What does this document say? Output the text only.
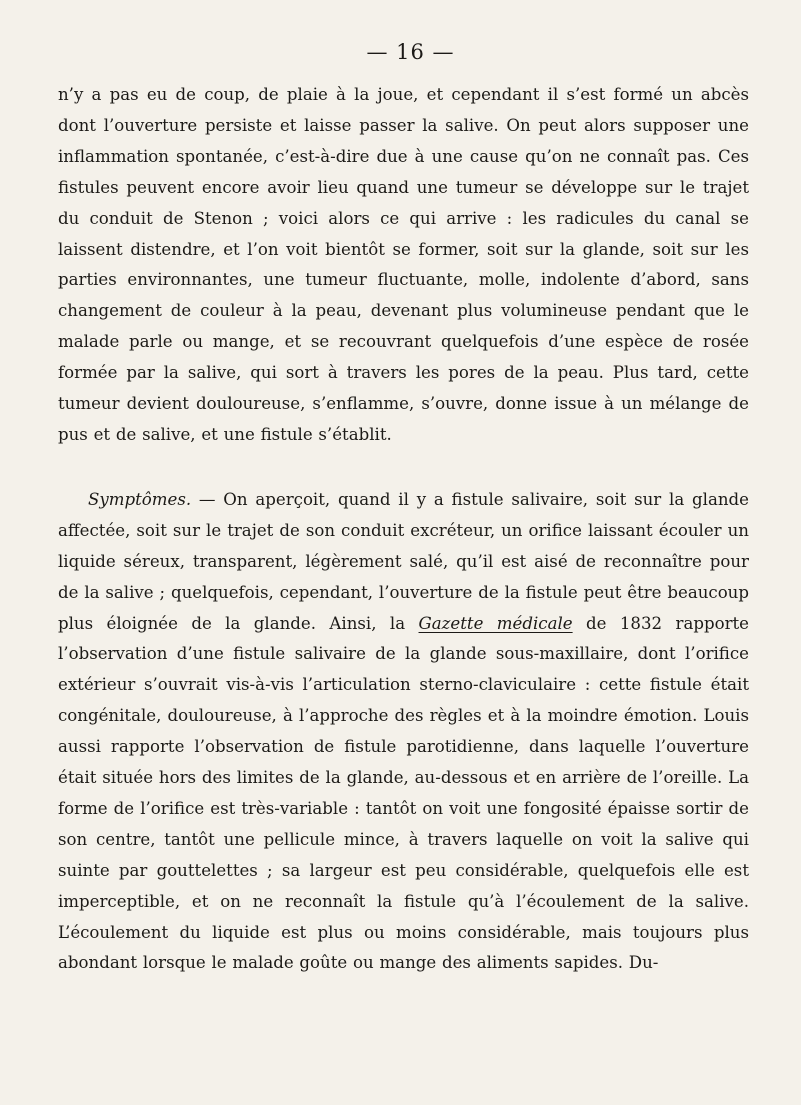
— 16 —

n’y a pas eu de coup, de plaie à la joue, et cependant il s’est formé un abcès dont l’ouverture persiste et laisse passer la salive. On peut alors supposer une inflammation spontanée, c’est-à-dire due à une cause qu’on ne connaît pas. Ces fistules peuvent encore avoir lieu quand une tumeur se développe sur le trajet du conduit de Stenon ; voici alors ce qui arrive : les radicules du canal se laissent distendre, et l’on voit bientôt se former, soit sur la glande, soit sur les parties environnantes, une tumeur fluctuante, molle, indolente d’abord, sans changement de couleur à la peau, devenant plus volumineuse pendant que le malade parle ou mange, et se recouvrant quelquefois d’une espèce de rosée formée par la salive, qui sort à travers les pores de la peau. Plus tard, cette tumeur devient douloureuse, s’enflamme, s’ouvre, donne issue à un mélange de pus et de salive, et une fistule s’établit.

Symptômes. — On aperçoit, quand il y a fistule salivaire, soit sur la glande affectée, soit sur le trajet de son conduit excréteur, un orifice laissant écouler un liquide séreux, transparent, légèrement salé, qu’il est aisé de reconnaître pour de la salive ; quelquefois, cependant, l’ouverture de la fistule peut être beaucoup plus éloignée de la glande. Ainsi, la Gazette médicale de 1832 rapporte l’observation d’une fistule salivaire de la glande sous-maxillaire, dont l’orifice extérieur s’ouvrait vis-à-vis l’articulation sterno-claviculaire : cette fistule était congénitale, douloureuse, à l’approche des règles et à la moindre émotion. Louis aussi rapporte l’observation de fistule parotidienne, dans laquelle l’ouverture était située hors des limites de la glande, au-dessous et en arrière de l’oreille. La forme de l’orifice est très-variable : tantôt on voit une fongosité épaisse sortir de son centre, tantôt une pellicule mince, à travers laquelle on voit la salive qui suinte par gouttelettes ; sa largeur est peu considérable, quelquefois elle est imperceptible, et on ne reconnaît la fistule qu’à l’écoulement de la salive. L’écoulement du liquide est plus ou moins considérable, mais toujours plus abondant lorsque le malade goûte ou mange des aliments sapides. Du-
